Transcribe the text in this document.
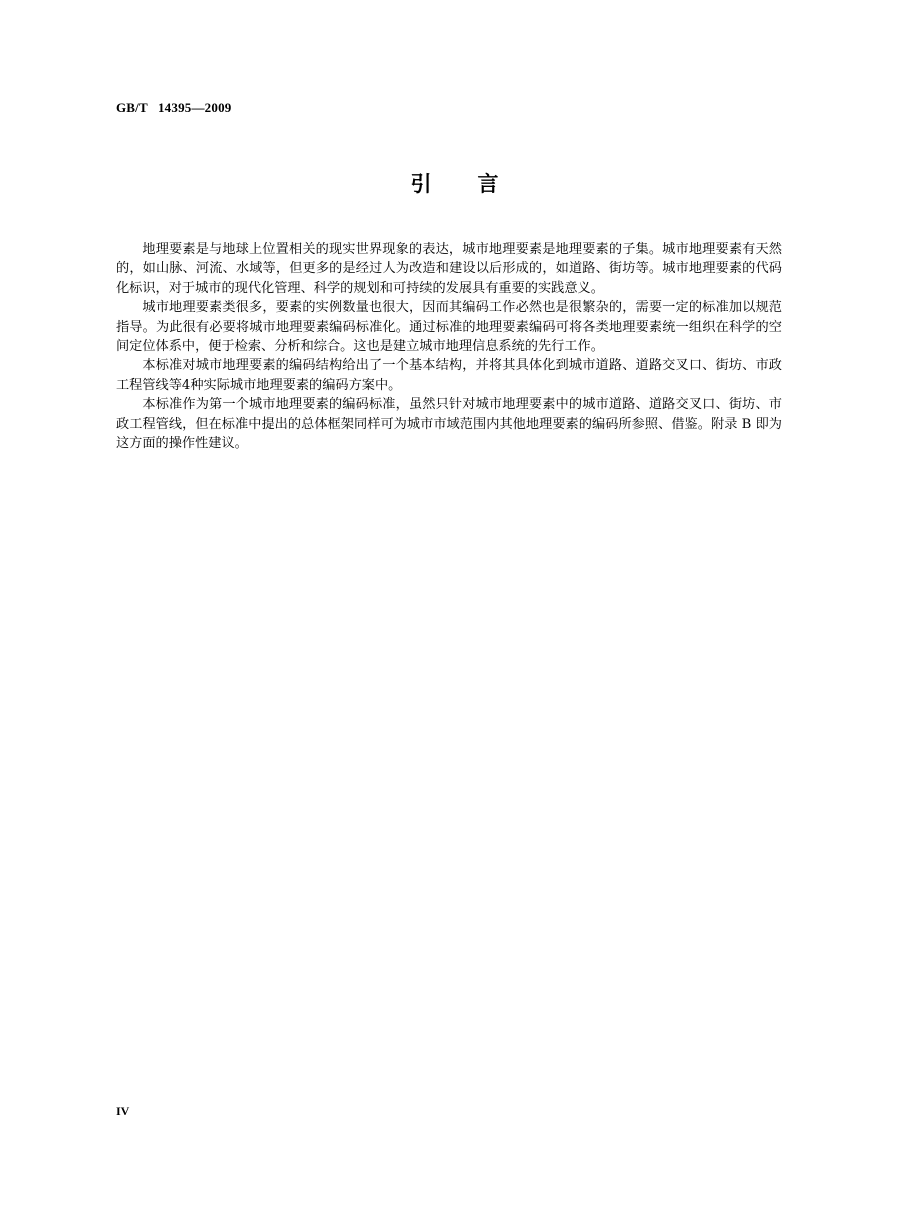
GB/T   14395—2009
引 言

地理要素是与地球上位置相关的现实世界现象的表达，城市地理要素是地理要素的子集。城市地理要素有天然的，如山脉、河流、水域等，但更多的是经过人为改造和建设以后形成的，如道路、街坊等。城市地理要素的代码化标识，对于城市的现代化管理、科学的规划和可持续的发展具有重要的实践意义。

城市地理要素类很多，要素的实例数量也很大，因而其编码工作必然也是很繁杂的，需要一定的标准加以规范指导。为此很有必要将城市地理要素编码标准化。通过标准的地理要素编码可将各类地理要素统一组织在科学的空间定位体系中，便于检索、分析和综合。这也是建立城市地理信息系统的先行工作。

本标准对城市地理要素的编码结构给出了一个基本结构，并将其具体化到城市道路、道路交叉口、街坊、市政工程管线等4种实际城市地理要素的编码方案中。

本标准作为第一个城市地理要素的编码标准，虽然只针对城市地理要素中的城市道路、道路交叉口、街坊、市政工程管线，但在标准中提出的总体框架同样可为城市市域范围内其他地理要素的编码所参照、借鉴。附录 B 即为这方面的操作性建议。

IV
